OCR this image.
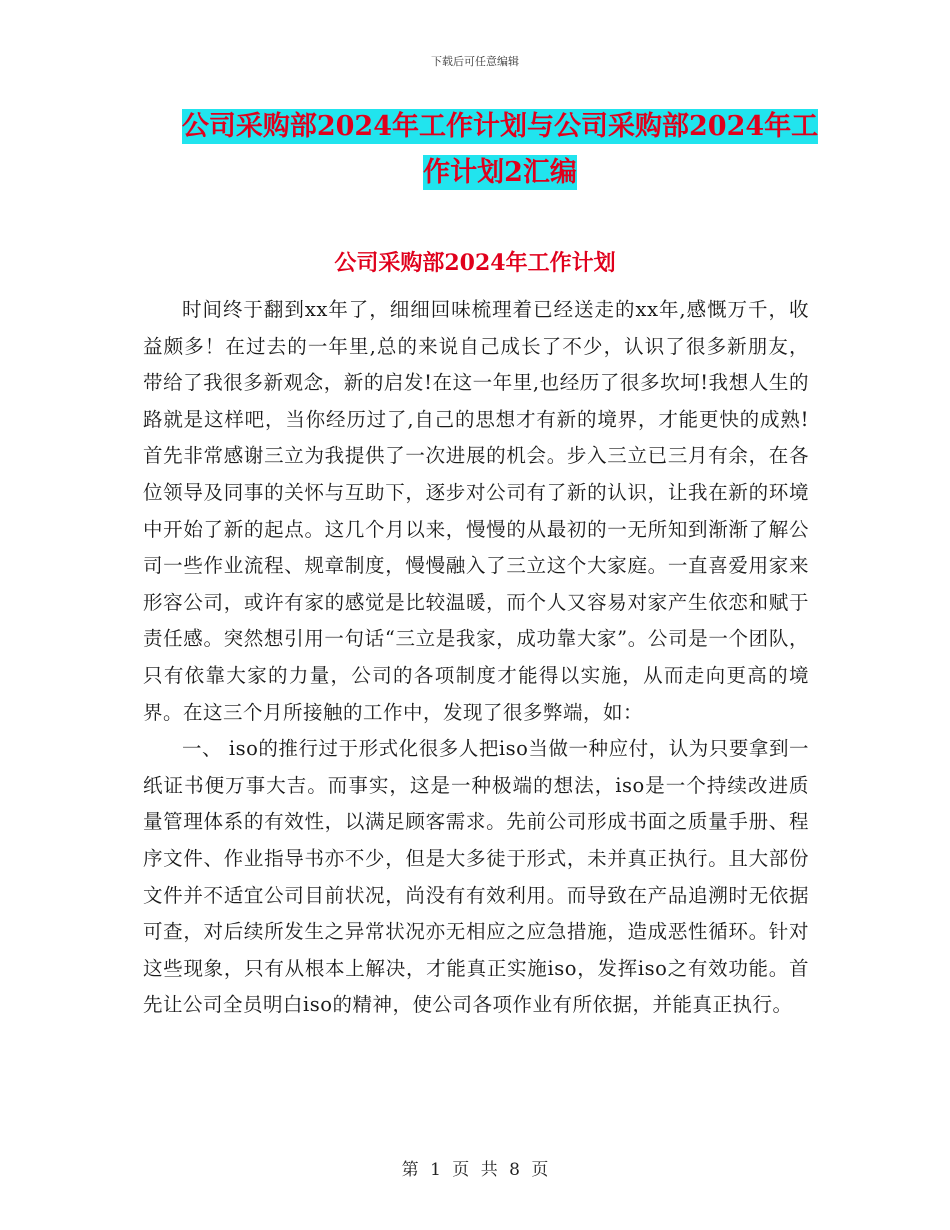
下载后可任意编辑
公司采购部2024年工作计划与公司采购部2024年工
作计划2汇编
公司采购部2024年工作计划

时间终于翻到xx年了，细细回味梳理着已经送走的xx年,感慨万千，收益颇多！在过去的一年里,总的来说自己成长了不少，认识了很多新朋友，带给了我很多新观念，新的启发!在这一年里,也经历了很多坎坷!我想人生的路就是这样吧，当你经历过了,自己的思想才有新的境界，才能更快的成熟!首先非常感谢三立为我提供了一次进展的机会。步入三立已三月有余，在各位领导及同事的关怀与互助下，逐步对公司有了新的认识，让我在新的环境中开始了新的起点。这几个月以来，慢慢的从最初的一无所知到渐渐了解公司一些作业流程、规章制度，慢慢融入了三立这个大家庭。一直喜爱用家来形容公司，或许有家的感觉是比较温暖，而个人又容易对家产生依恋和赋于责任感。突然想引用一句话“三立是我家，成功靠大家”。公司是一个团队，只有依靠大家的力量，公司的各项制度才能得以实施，从而走向更高的境界。在这三个月所接触的工作中，发现了很多弊端，如：

一、 iso的推行过于形式化很多人把iso当做一种应付，认为只要拿到一纸证书便万事大吉。而事实，这是一种极端的想法，iso是一个持续改进质量管理体系的有效性，以满足顾客需求。先前公司形成书面之质量手册、程序文件、作业指导书亦不少，但是大多徒于形式，未并真正执行。且大部份文件并不适宜公司目前状况，尚没有有效利用。而导致在产品追溯时无依据可查，对后续所发生之异常状况亦无相应之应急措施，造成恶性循环。针对这些现象，只有从根本上解决，才能真正实施iso，发挥iso之有效功能。首先让公司全员明白iso的精神，使公司各项作业有所依据，并能真正执行。

第 1 页 共 8 页
